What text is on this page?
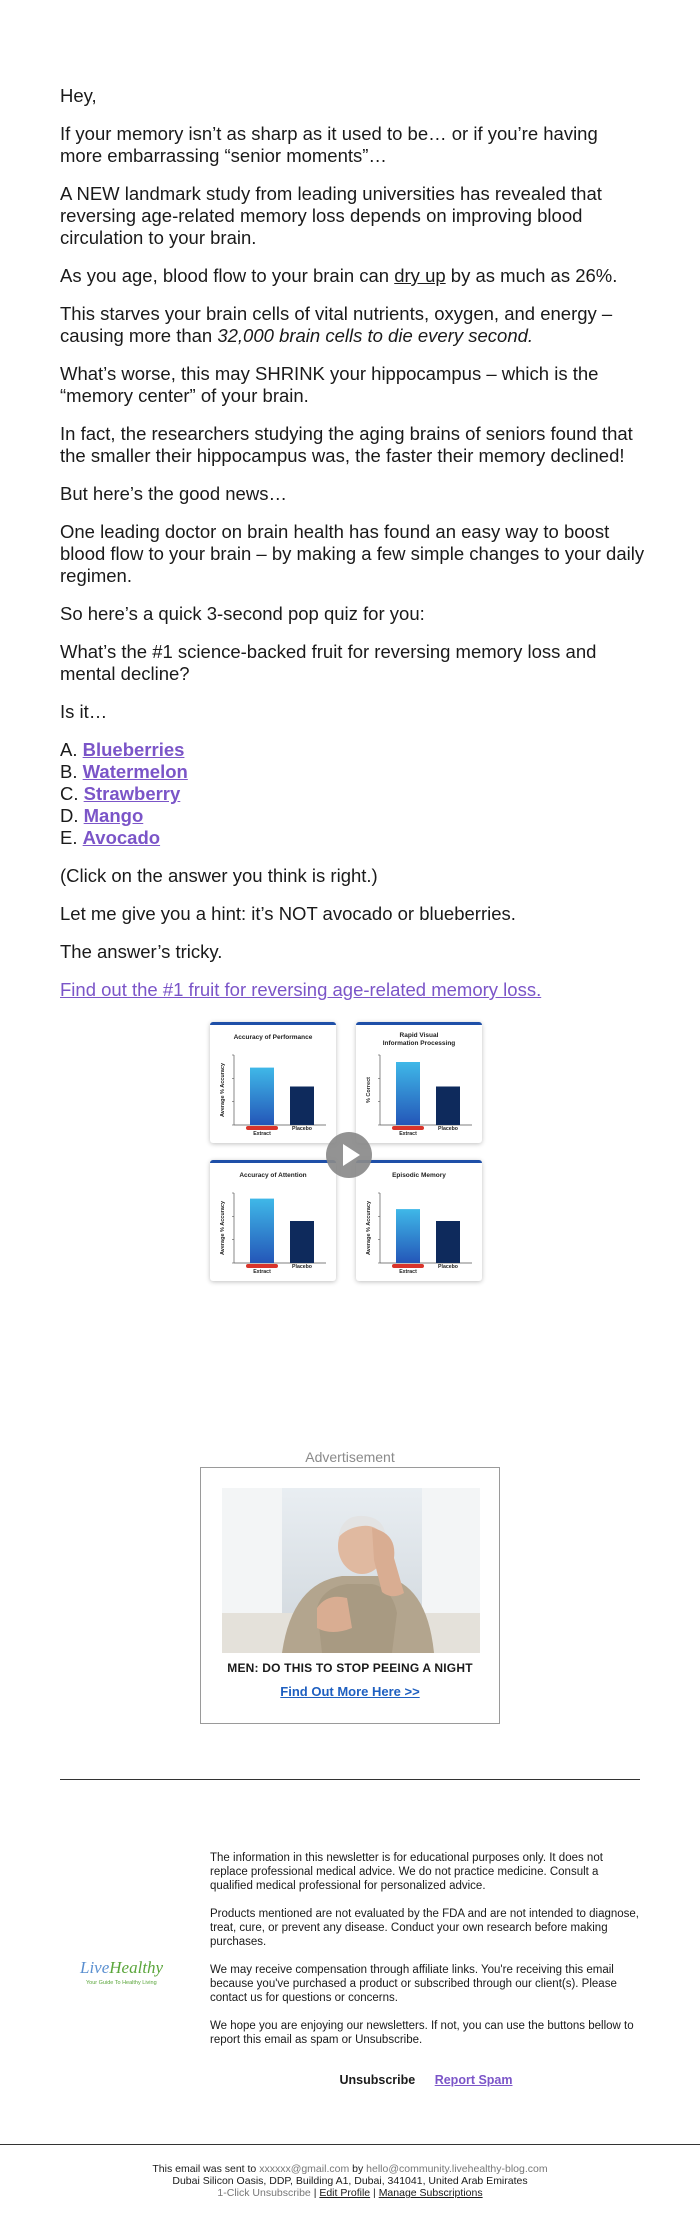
Hey,

If your memory isn’t as sharp as it used to be… or if you’re having more embarrassing “senior moments”…

A NEW landmark study from leading universities has revealed that reversing age-related memory loss depends on improving blood circulation to your brain.

As you age, blood flow to your brain can dry up by as much as 26%.

This starves your brain cells of vital nutrients, oxygen, and energy – causing more than 32,000 brain cells to die every second.

What’s worse, this may SHRINK your hippocampus – which is the “memory center” of your brain.

In fact, the researchers studying the aging brains of seniors found that the smaller their hippocampus was, the faster their memory declined!

But here’s the good news…

One leading doctor on brain health has found an easy way to boost blood flow to your brain – by making a few simple changes to your daily regimen.

So here’s a quick 3-second pop quiz for you:

What’s the #1 science-backed fruit for reversing memory loss and mental decline?

Is it…

A. Blueberries
B. Watermelon
C. Strawberry
D. Mango
E. Avocado

(Click on the answer you think is right.)

Let me give you a hint: it’s NOT avocado or blueberries.

The answer’s tricky.

Find out the #1 fruit for reversing age-related memory loss.

Accuracy of Performance
Average % Accuracy
Extract
Placebo
Rapid Visual
Information Processing
% Correct
Extract
Placebo
Accuracy of Attention
Average % Accuracy
Extract
Placebo
Episodic Memory
Average % Accuracy
Extract
Placebo
Advertisement
MEN: DO THIS TO STOP PEEING A NIGHT
Find Out More Here >>
LiveHealthy
Your Guide To Healthy Living

The information in this newsletter is for educational purposes only. It does not replace professional medical advice. We do not practice medicine. Consult a qualified medical professional for personalized advice.

Products mentioned are not evaluated by the FDA and are not intended to diagnose, treat, cure, or prevent any disease. Conduct your own research before making purchases.

We may receive compensation through affiliate links. You're receiving this email because you've purchased a product or subscribed through our client(s). Please contact us for questions or concerns.

We hope you are enjoying our newsletters. If not, you can use the buttons bellow to report this email as spam or Unsubscribe.

Unsubscribe Report Spam
This email was sent to xxxxxx@gmail.com by hello@community.livehealthy-blog.com
Dubai Silicon Oasis, DDP, Building A1, Dubai, 341041, United Arab Emirates
1-Click Unsubscribe | Edit Profile | Manage Subscriptions
